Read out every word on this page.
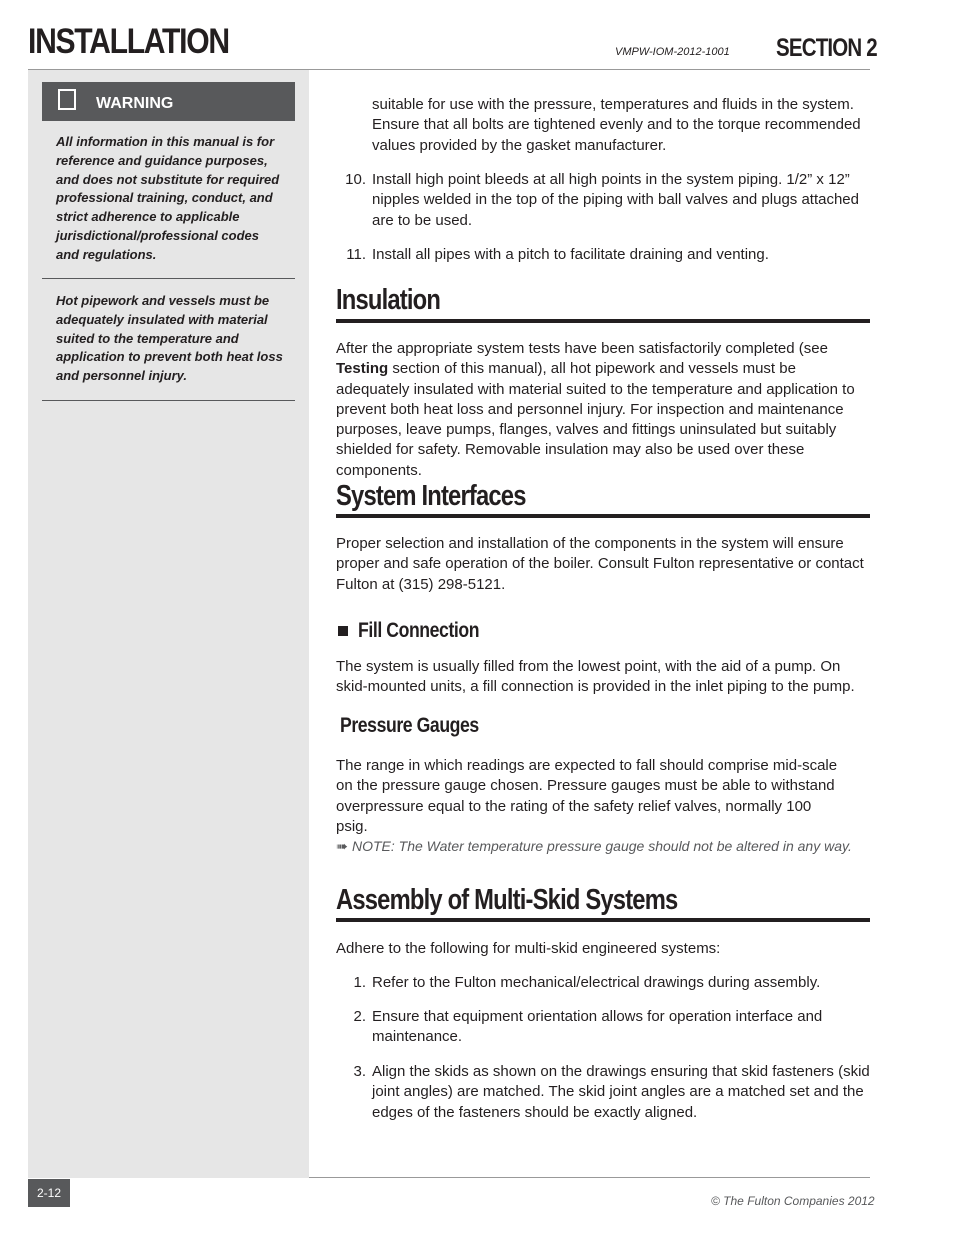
INSTALLATION	VMPW-IOM-2012-1001 SECTION 2
WARNING
All information in this manual is for reference and guidance purposes, and does not substitute for required professional training, conduct, and strict adherence to applicable jurisdictional/professional codes and regulations.
Hot pipework and vessels must be adequately insulated with material suited to the temperature and application to prevent both heat loss and personnel injury.
suitable for use with the pressure, temperatures and fluids in the system. Ensure that all bolts are tightened evenly and to the torque recommended values provided by the gasket manufacturer.
10. Install high point bleeds at all high points in the system piping. 1/2” x 12” nipples welded in the top of the piping with ball valves and plugs attached are to be used.
11. Install all pipes with a pitch to facilitate draining and venting.
Insulation
After the appropriate system tests have been satisfactorily completed (see Testing section of this manual), all hot pipework and vessels must be adequately insulated with material suited to the temperature and application to prevent both heat loss and personnel injury. For inspection and maintenance purposes, leave pumps, flanges, valves and fittings uninsulated but suitably shielded for safety. Removable insulation may also be used over these components.
System Interfaces
Proper selection and installation of the components in the system will ensure proper and safe operation of the boiler. Consult Fulton representative or contact Fulton at (315) 298-5121.
Fill Connection
The system is usually filled from the lowest point, with the aid of a pump. On skid-mounted units, a fill connection is provided in the inlet piping to the pump.
Pressure Gauges
The range in which readings are expected to fall should comprise mid-scale on the pressure gauge chosen. Pressure gauges must be able to withstand overpressure equal to the rating of the safety relief valves, normally 100 psig.
➠ NOTE: The Water temperature pressure gauge should not be altered in any way.
Assembly of Multi-Skid Systems
Adhere to the following for multi-skid engineered systems:
1. Refer to the Fulton mechanical/electrical drawings during assembly.
2. Ensure that equipment orientation allows for operation interface and maintenance.
3. Align the skids as shown on the drawings ensuring that skid fasteners (skid joint angles) are matched. The skid joint angles are a matched set and the edges of the fasteners should be exactly aligned.
2-12
© The Fulton Companies 2012
